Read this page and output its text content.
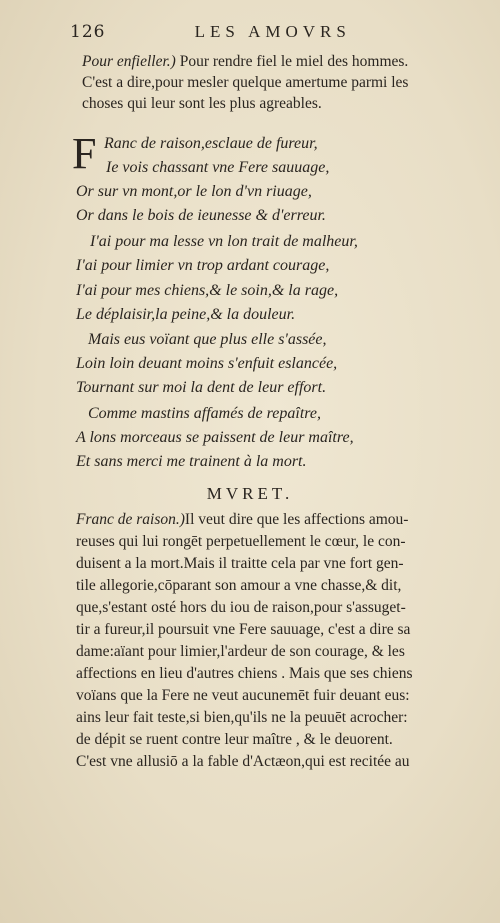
126	LES AMOVRS
Pour enfieller.) Pour rendre fiel le miel des hommes.
C'est a dire,pour mesler quelque amertume parmi les
choses qui leur sont les plus agreables.
F Ranc de raison,esclaue de fureur,
Ie vois chassant vne Fere sauuage,
Or sur vn mont,or le lon d'vn riuage,
Or dans le bois de ieunesse & d'erreur.
I'ai pour ma lesse vn lon trait de malheur,
I'ai pour limier vn trop ardant courage,
I'ai pour mes chiens,& le soin,& la rage,
Le déplaisir,la peine,& la douleur.
Mais eus voïant que plus elle s'assée,
Loin loin deuant moins s'enfuit eslancée,
Tournant sur moi la dent de leur effort.
Comme mastins affamés de repaître,
A lons morceaus se paissent de leur maître,
Et sans merci me trainent à la mort.
MVRET.
Franc de raison.)Il veut dire que les affections amou-
reuses qui lui rongēt perpetuellement le cœur, le con-
duisent a la mort.Mais il traitte cela par vne fort gen-
tile allegorie,cōparant son amour a vne chasse,& dit,
que,s'estant osté hors du iou de raison,pour s'assuget-
tir a fureur,il poursuit vne Fere sauuage, c'est a dire sa
dame:aïant pour limier,l'ardeur de son courage, & les
affections en lieu d'autres chiens . Mais que ses chiens
voïans que la Fere ne veut aucunemēt fuir deuant eus:
ains leur fait teste,si bien,qu'ils ne la peuuēt acrocher:
de dépit se ruent contre leur maître , & le deuorent.
C'est vne allusiō a la fable d'Actæon,qui est recitée au
